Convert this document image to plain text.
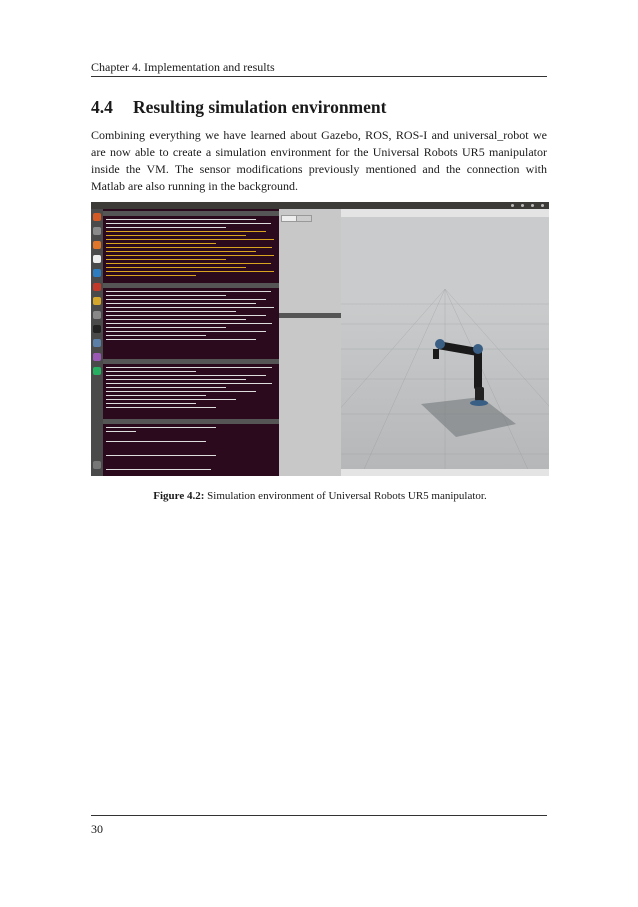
Chapter 4. Implementation and results
4.4 Resulting simulation environment

Combining everything we have learned about Gazebo, ROS, ROS-I and universal_robot we are now able to create a simulation environment for the Universal Robots UR5 manipulator inside the VM. The sensor modifications previously mentioned and the connection with Matlab are also running in the background.

Figure 4.2: Simulation environment of Universal Robots UR5 manipulator.
30
